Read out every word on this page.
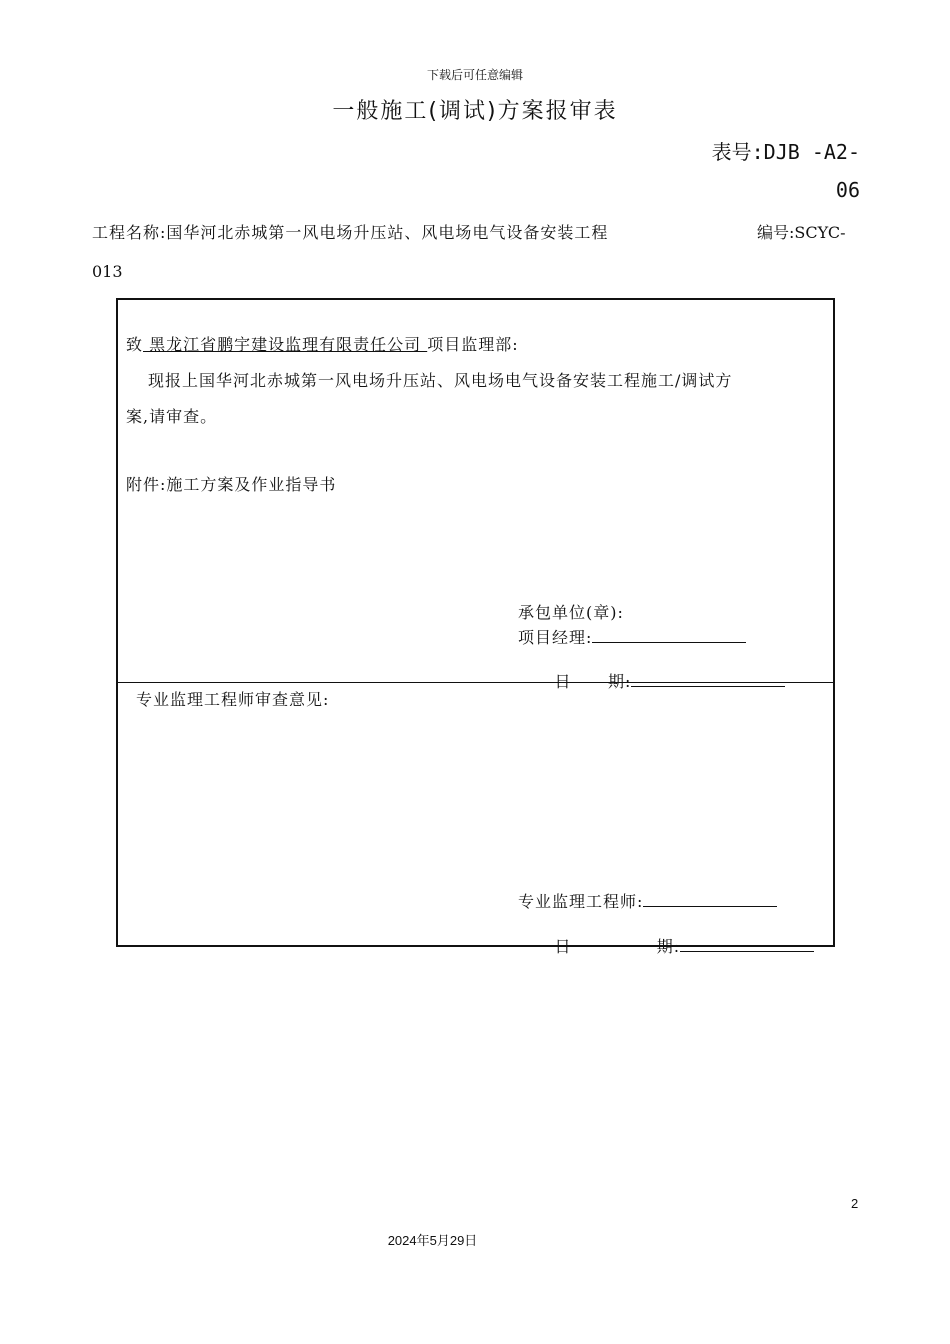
下载后可任意编辑
一般施工(调试)方案报审表
表号:DJB -A2-
06
工程名称:国华河北赤城第一风电场升压站、风电场电气设备安装工程	编号:SCYC-
013
致 黑龙江省鹏宇建设监理有限责任公司 项目监理部:
现报上国华河北赤城第一风电场升压站、风电场电气设备安装工程施工/调试方
案,请审查。
附件:施工方案及作业指导书
承包单位(章):
项目经理:

日      期:

专业监理工程师审查意见:
专业监理工程师:

日              期:

2
2024年5月29日
